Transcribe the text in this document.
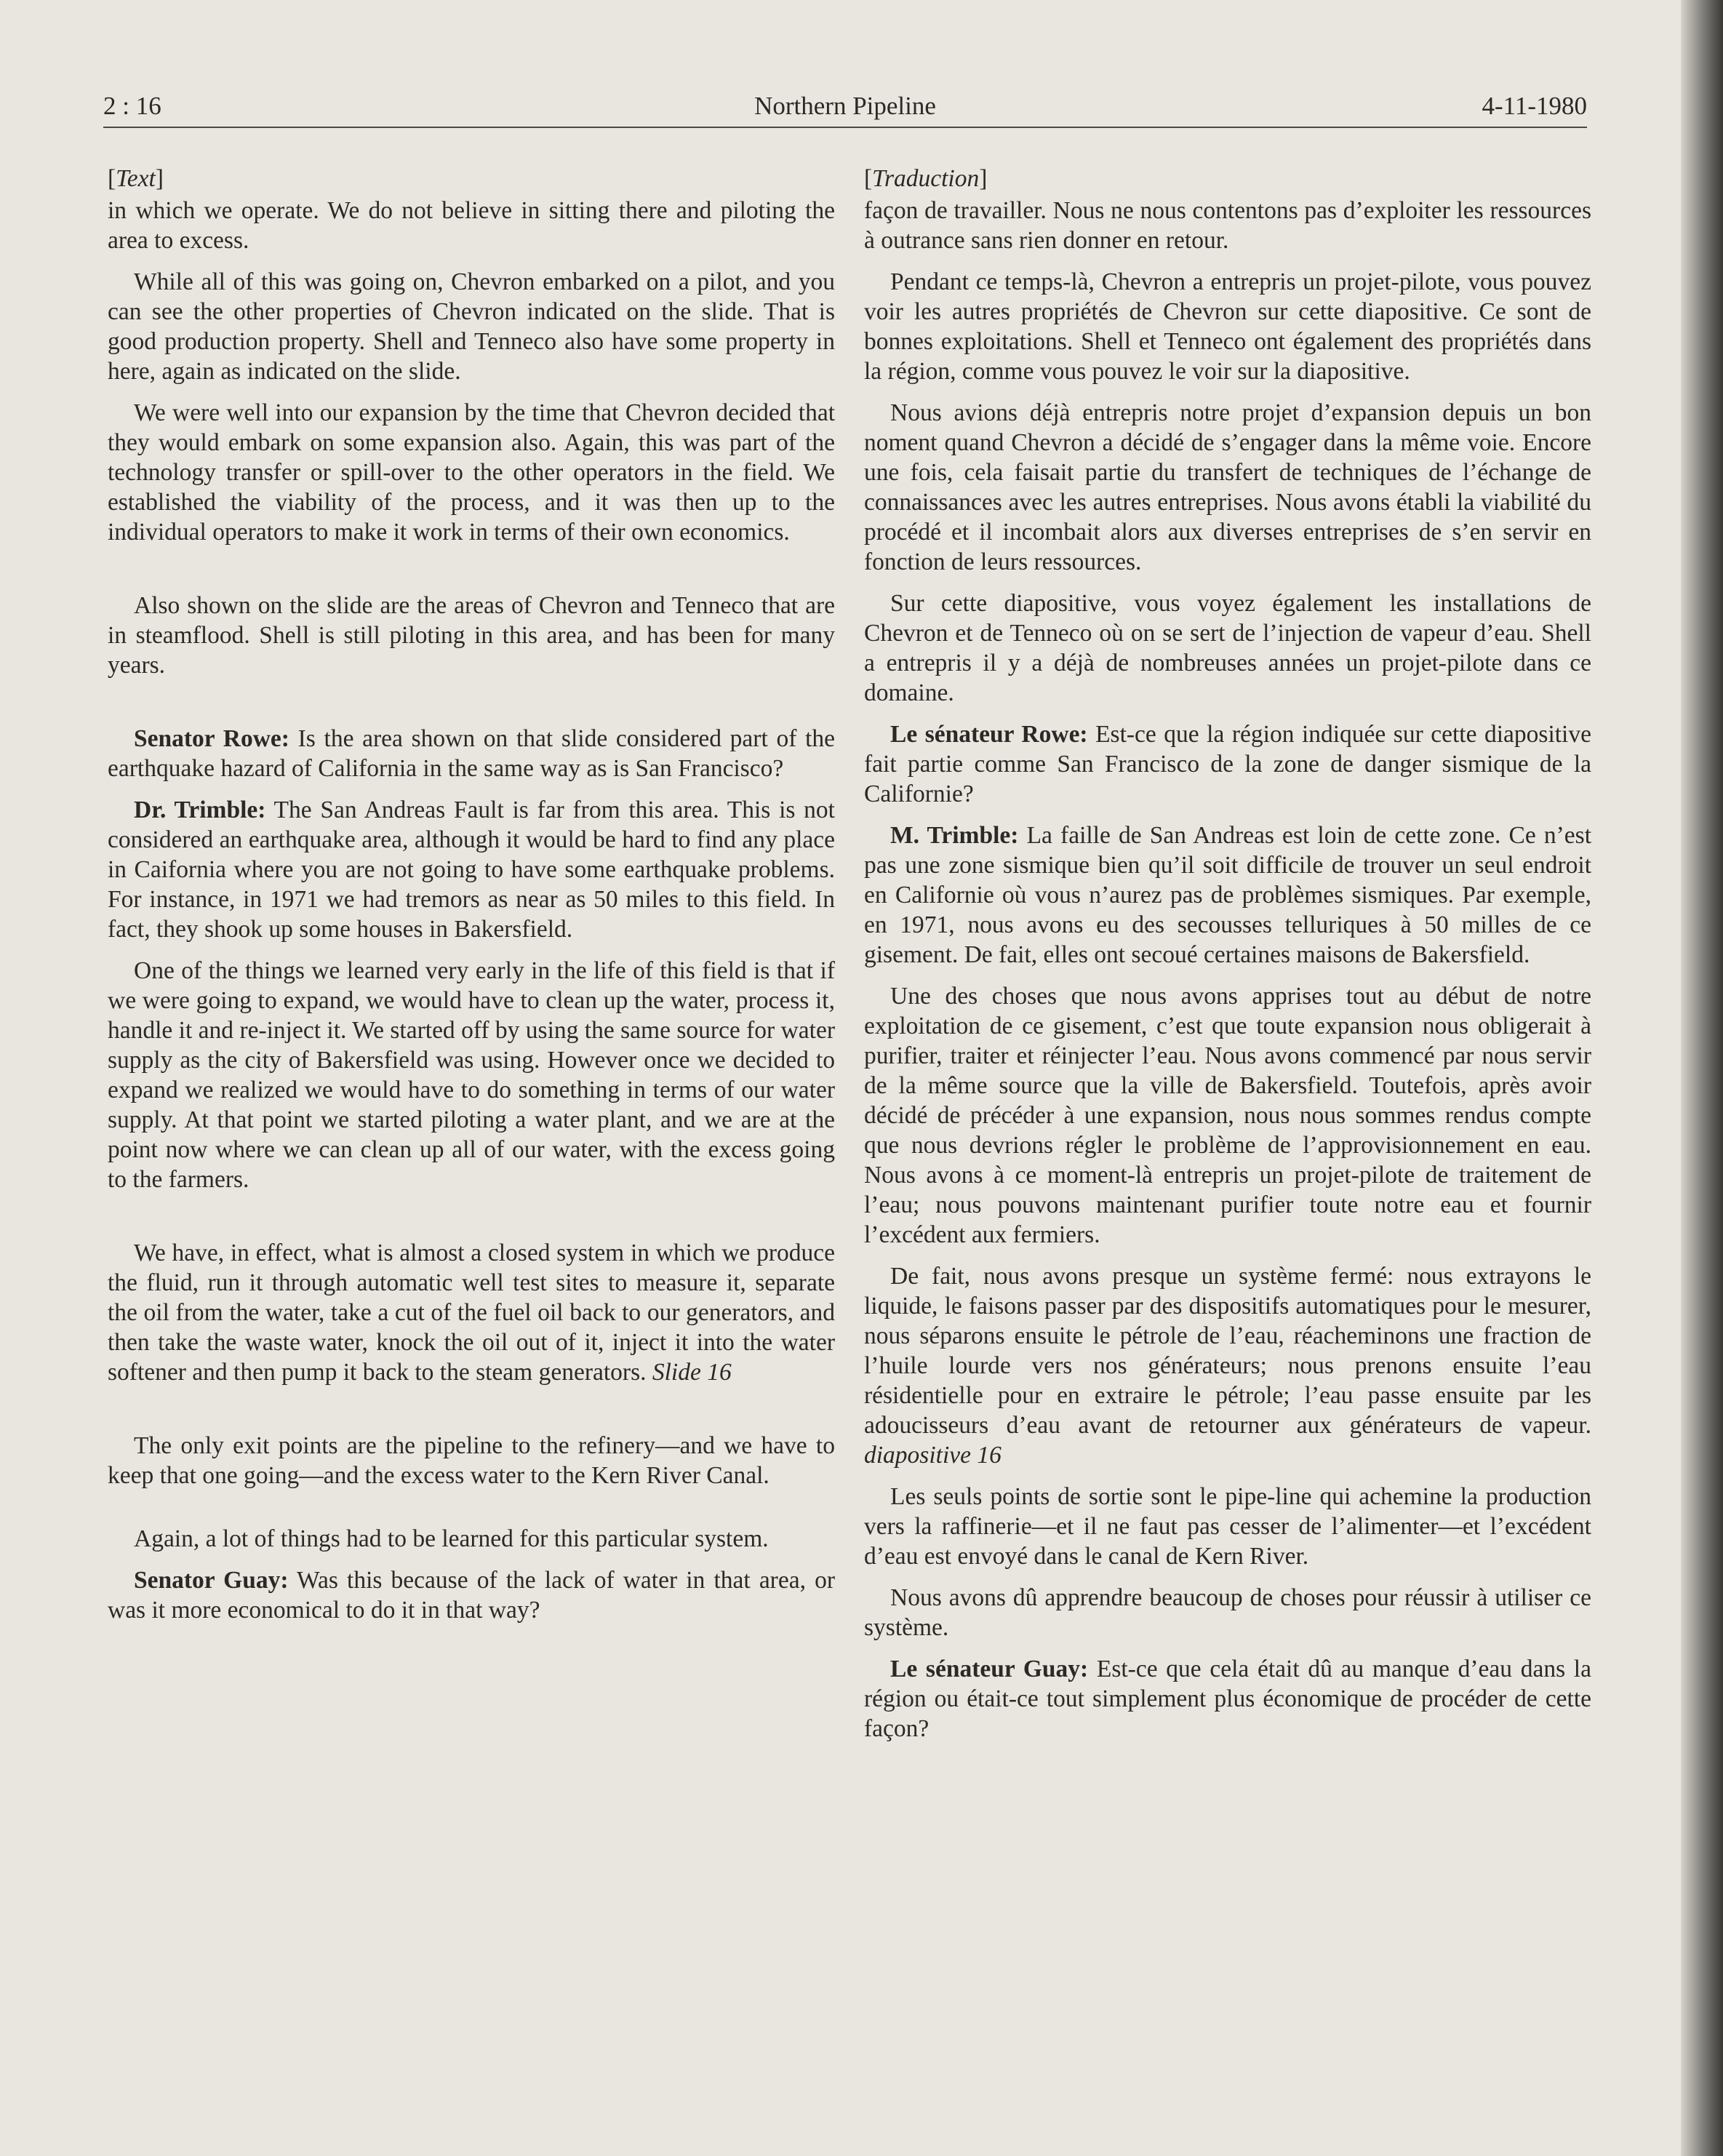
2 : 16	Northern Pipeline	4-11-1980
[Text]

in which we operate. We do not believe in sitting there and piloting the area to excess.

While all of this was going on, Chevron embarked on a pilot, and you can see the other properties of Chevron indicated on the slide. That is good production property. Shell and Tenneco also have some property in here, again as indicated on the slide.

We were well into our expansion by the time that Chevron decided that they would embark on some expansion also. Again, this was part of the technology transfer or spill-over to the other operators in the field. We established the viability of the process, and it was then up to the individual operators to make it work in terms of their own economics.

Also shown on the slide are the areas of Chevron and Tenneco that are in steamflood. Shell is still piloting in this area, and has been for many years.

Senator Rowe: Is the area shown on that slide considered part of the earthquake hazard of California in the same way as is San Francisco?

Dr. Trimble: The San Andreas Fault is far from this area. This is not considered an earthquake area, although it would be hard to find any place in Caifornia where you are not going to have some earthquake problems. For instance, in 1971 we had tremors as near as 50 miles to this field. In fact, they shook up some houses in Bakersfield.

One of the things we learned very early in the life of this field is that if we were going to expand, we would have to clean up the water, process it, handle it and re-inject it. We started off by using the same source for water supply as the city of Bakersfield was using. However once we decided to expand we realized we would have to do something in terms of our water supply. At that point we started piloting a water plant, and we are at the point now where we can clean up all of our water, with the excess going to the farmers.

We have, in effect, what is almost a closed system in which we produce the fluid, run it through automatic well test sites to measure it, separate the oil from the water, take a cut of the fuel oil back to our generators, and then take the waste water, knock the oil out of it, inject it into the water softener and then pump it back to the steam generators. Slide 16

The only exit points are the pipeline to the refinery—and we have to keep that one going—and the excess water to the Kern River Canal.

Again, a lot of things had to be learned for this particular system.

Senator Guay: Was this because of the lack of water in that area, or was it more economical to do it in that way?

[Traduction]

façon de travailler. Nous ne nous contentons pas d’exploiter les ressources à outrance sans rien donner en retour.

Pendant ce temps-là, Chevron a entrepris un projet-pilote, vous pouvez voir les autres propriétés de Chevron sur cette diapositive. Ce sont de bonnes exploitations. Shell et Tenneco ont également des propriétés dans la région, comme vous pouvez le voir sur la diapositive.

Nous avions déjà entrepris notre projet d’expansion depuis un bon noment quand Chevron a décidé de s’engager dans la même voie. Encore une fois, cela faisait partie du transfert de techniques de l’échange de connaissances avec les autres entreprises. Nous avons établi la viabilité du procédé et il incombait alors aux diverses entreprises de s’en servir en fonction de leurs ressources.

Sur cette diapositive, vous voyez également les installations de Chevron et de Tenneco où on se sert de l’injection de vapeur d’eau. Shell a entrepris il y a déjà de nombreuses années un projet-pilote dans ce domaine.

Le sénateur Rowe: Est-ce que la région indiquée sur cette diapositive fait partie comme San Francisco de la zone de danger sismique de la Californie?

M. Trimble: La faille de San Andreas est loin de cette zone. Ce n’est pas une zone sismique bien qu’il soit difficile de trouver un seul endroit en Californie où vous n’aurez pas de problèmes sismiques. Par exemple, en 1971, nous avons eu des secousses telluriques à 50 milles de ce gisement. De fait, elles ont secoué certaines maisons de Bakersfield.

Une des choses que nous avons apprises tout au début de notre exploitation de ce gisement, c’est que toute expansion nous obligerait à purifier, traiter et réinjecter l’eau. Nous avons commencé par nous servir de la même source que la ville de Bakersfield. Toutefois, après avoir décidé de précéder à une expansion, nous nous sommes rendus compte que nous devrions régler le problème de l’approvisionnement en eau. Nous avons à ce moment-là entrepris un projet-pilote de traitement de l’eau; nous pouvons maintenant purifier toute notre eau et fournir l’excédent aux fermiers.

De fait, nous avons presque un système fermé: nous extrayons le liquide, le faisons passer par des dispositifs automatiques pour le mesurer, nous séparons ensuite le pétrole de l’eau, réacheminons une fraction de l’huile lourde vers nos générateurs; nous prenons ensuite l’eau résidentielle pour en extraire le pétrole; l’eau passe ensuite par les adoucisseurs d’eau avant de retourner aux générateurs de vapeur. diapositive 16

Les seuls points de sortie sont le pipe-line qui achemine la production vers la raffinerie—et il ne faut pas cesser de l’alimenter—et l’excédent d’eau est envoyé dans le canal de Kern River.

Nous avons dû apprendre beaucoup de choses pour réussir à utiliser ce système.

Le sénateur Guay: Est-ce que cela était dû au manque d’eau dans la région ou était-ce tout simplement plus économique de procéder de cette façon?
